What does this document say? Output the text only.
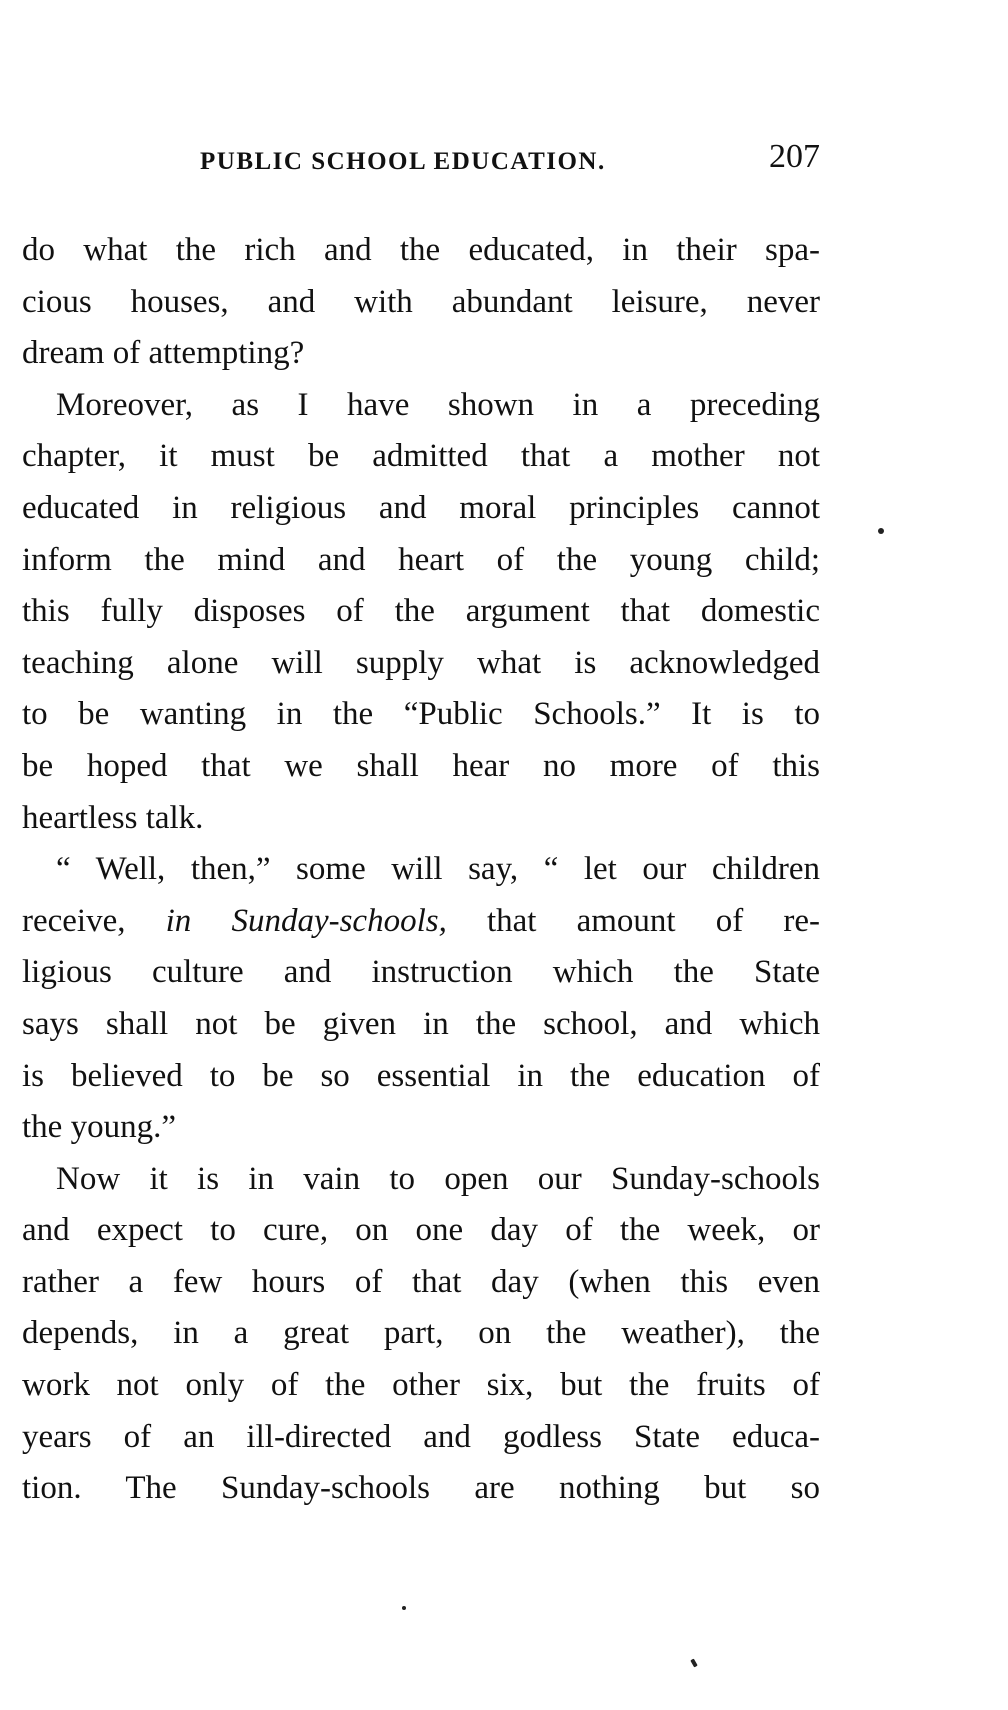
PUBLIC SCHOOL EDUCATION.	207
do what the rich and the educated, in their spa-
cious houses, and with abundant leisure, never
dream of attempting?
Moreover, as I have shown in a preceding
chapter, it must be admitted that a mother not
educated in religious and moral principles cannot
inform the mind and heart of the young child;
this fully disposes of the argument that domestic
teaching alone will supply what is acknowledged
to be wanting in the “Public Schools.” It is to
be hoped that we shall hear no more of this
heartless talk.
“ Well, then,” some will say, “ let our children
receive, in Sunday-schools, that amount of re-
ligious culture and instruction which the State
says shall not be given in the school, and which
is believed to be so essential in the education of
the young.”
Now it is in vain to open our Sunday-schools
and expect to cure, on one day of the week, or
rather a few hours of that day (when this even
depends, in a great part, on the weather), the
work not only of the other six, but the fruits of
years of an ill-directed and godless State educa-
tion. The Sunday-schools are nothing but so
